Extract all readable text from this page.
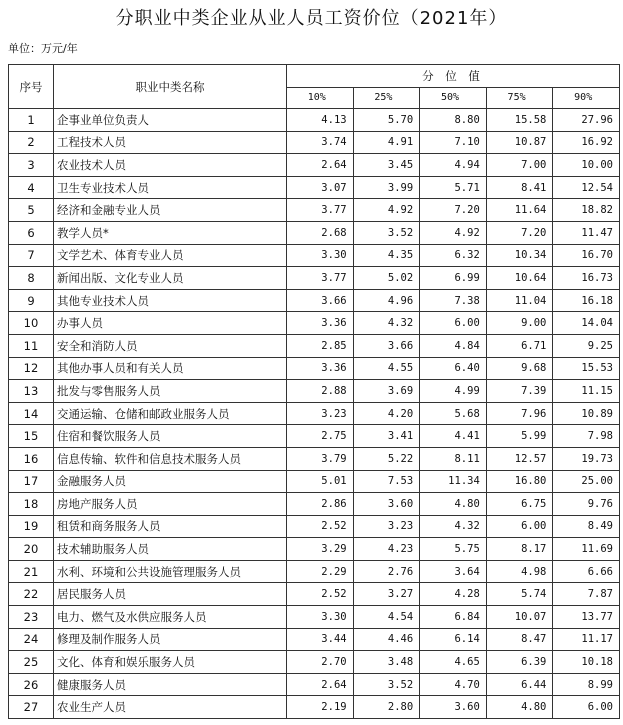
分职业中类企业从业人员工资价位（2021年）
单位：万元/年
序号	职业中类名称	分 位 值				
		10%	25%	50%	75%	90%
1	企事业单位负责人	4.13	5.70	8.80	15.58	27.96
2	工程技术人员	3.74	4.91	7.10	10.87	16.92
3	农业技术人员	2.64	3.45	4.94	7.00	10.00
4	卫生专业技术人员	3.07	3.99	5.71	8.41	12.54
5	经济和金融专业人员	3.77	4.92	7.20	11.64	18.82
6	教学人员*	2.68	3.52	4.92	7.20	11.47
7	文学艺术、体育专业人员	3.30	4.35	6.32	10.34	16.70
8	新闻出版、文化专业人员	3.77	5.02	6.99	10.64	16.73
9	其他专业技术人员	3.66	4.96	7.38	11.04	16.18
10	办事人员	3.36	4.32	6.00	9.00	14.04
11	安全和消防人员	2.85	3.66	4.84	6.71	9.25
12	其他办事人员和有关人员	3.36	4.55	6.40	9.68	15.53
13	批发与零售服务人员	2.88	3.69	4.99	7.39	11.15
14	交通运输、仓储和邮政业服务人员	3.23	4.20	5.68	7.96	10.89
15	住宿和餐饮服务人员	2.75	3.41	4.41	5.99	7.98
16	信息传输、软件和信息技术服务人员	3.79	5.22	8.11	12.57	19.73
17	金融服务人员	5.01	7.53	11.34	16.80	25.00
18	房地产服务人员	2.86	3.60	4.80	6.75	9.76
19	租赁和商务服务人员	2.52	3.23	4.32	6.00	8.49
20	技术辅助服务人员	3.29	4.23	5.75	8.17	11.69
21	水利、环境和公共设施管理服务人员	2.29	2.76	3.64	4.98	6.66
22	居民服务人员	2.52	3.27	4.28	5.74	7.87
23	电力、燃气及水供应服务人员	3.30	4.54	6.84	10.07	13.77
24	修理及制作服务人员	3.44	4.46	6.14	8.47	11.17
25	文化、体育和娱乐服务人员	2.70	3.48	4.65	6.39	10.18
26	健康服务人员	2.64	3.52	4.70	6.44	8.99
27	农业生产人员	2.19	2.80	3.60	4.80	6.00
